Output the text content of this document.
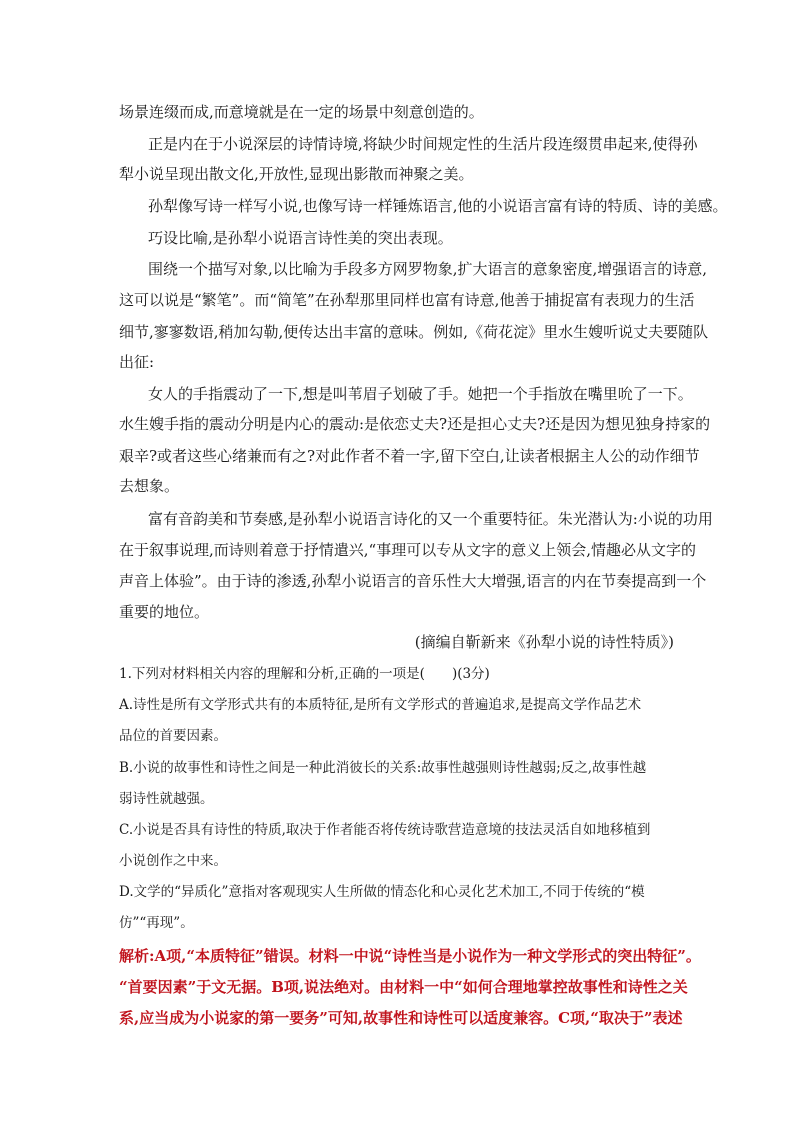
场景连缀而成,而意境就是在一定的场景中刻意创造的。
正是内在于小说深层的诗情诗境,将缺少时间规定性的生活片段连缀贯串起来,使得孙
犁小说呈现出散文化,开放性,显现出影散而神聚之美。
孙犁像写诗一样写小说,也像写诗一样锤炼语言,他的小说语言富有诗的特质、诗的美感。
巧设比喻,是孙犁小说语言诗性美的突出表现。
围绕一个描写对象,以比喻为手段多方网罗物象,扩大语言的意象密度,增强语言的诗意,
这可以说是“繁笔”。而“简笔”在孙犁那里同样也富有诗意,他善于捕捉富有表现力的生活
细节,寥寥数语,稍加勾勒,便传达出丰富的意味。例如,《荷花淀》里水生嫂听说丈夫要随队
出征:
女人的手指震动了一下,想是叫苇眉子划破了手。她把一个手指放在嘴里吮了一下。
水生嫂手指的震动分明是内心的震动:是依恋丈夫?还是担心丈夫?还是因为想见独身持家的
艰辛?或者这些心绪兼而有之?对此作者不着一字,留下空白,让读者根据主人公的动作细节
去想象。
富有音韵美和节奏感,是孙犁小说语言诗化的又一个重要特征。朱光潜认为:小说的功用
在于叙事说理,而诗则着意于抒情遣兴,“事理可以专从文字的意义上领会,情趣必从文字的
声音上体验”。由于诗的渗透,孙犁小说语言的音乐性大大增强,语言的内在节奏提高到一个
重要的地位。
(摘编自靳新来《孙犁小说的诗性特质》)
1.下列对材料相关内容的理解和分析,正确的一项是(　　)(3分)
A.诗性是所有文学形式共有的本质特征,是所有文学形式的普遍追求,是提高文学作品艺术
品位的首要因素。
B.小说的故事性和诗性之间是一种此消彼长的关系:故事性越强则诗性越弱;反之,故事性越
弱诗性就越强。
C.小说是否具有诗性的特质,取决于作者能否将传统诗歌营造意境的技法灵活自如地移植到
小说创作之中来。
D.文学的“异质化”意指对客观现实人生所做的情态化和心灵化艺术加工,不同于传统的“模
仿”“再现”。
解析:A项,“本质特征”错误。材料一中说“诗性当是小说作为一种文学形式的突出特征”。
“首要因素”于文无据。B项,说法绝对。由材料一中“如何合理地掌控故事性和诗性之关
系,应当成为小说家的第一要务”可知,故事性和诗性可以适度兼容。C项,“取决于”表述
